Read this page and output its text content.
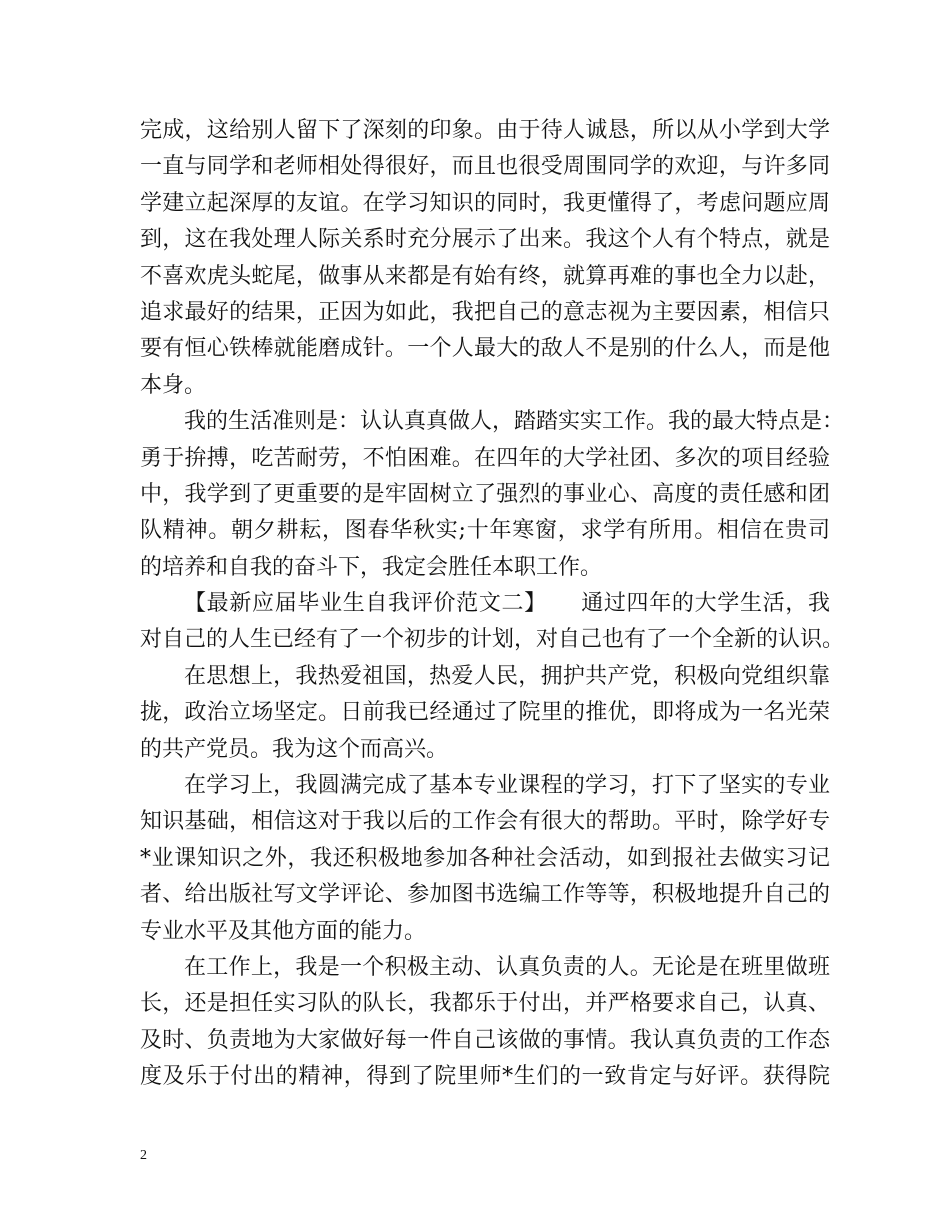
完成，这给别人留下了深刻的印象。由于待人诚恳，所以从小学到大学
一直与同学和老师相处得很好，而且也很受周围同学的欢迎，与许多同
学建立起深厚的友谊。在学习知识的同时，我更懂得了，考虑问题应周
到，这在我处理人际关系时充分展示了出来。我这个人有个特点，就是
不喜欢虎头蛇尾，做事从来都是有始有终，就算再难的事也全力以赴，
追求最好的结果，正因为如此，我把自己的意志视为主要因素，相信只
要有恒心铁棒就能磨成针。一个人最大的敌人不是别的什么人，而是他
本身。
我的生活准则是：认认真真做人，踏踏实实工作。我的最大特点是：
勇于拚搏，吃苦耐劳，不怕困难。在四年的大学社团、多次的项目经验
中，我学到了更重要的是牢固树立了强烈的事业心、高度的责任感和团
队精神。朝夕耕耘，图春华秋实;十年寒窗，求学有所用。相信在贵司
的培养和自我的奋斗下，我定会胜任本职工作。
【最新应届毕业生自我评价范文二】　　通过四年的大学生活，我
对自己的人生已经有了一个初步的计划，对自己也有了一个全新的认识。
在思想上，我热爱祖国，热爱人民，拥护共产党，积极向党组织靠
拢，政治立场坚定。日前我已经通过了院里的推优，即将成为一名光荣
的共产党员。我为这个而高兴。
在学习上，我圆满完成了基本专业课程的学习，打下了坚实的专业
知识基础，相信这对于我以后的工作会有很大的帮助。平时，除学好专
*业课知识之外，我还积极地参加各种社会活动，如到报社去做实习记
者、给出版社写文学评论、参加图书选编工作等等，积极地提升自己的
专业水平及其他方面的能力。
在工作上，我是一个积极主动、认真负责的人。无论是在班里做班
长，还是担任实习队的队长，我都乐于付出，并严格要求自己，认真、
及时、负责地为大家做好每一件自己该做的事情。我认真负责的工作态
度及乐于付出的精神，得到了院里师*生们的一致肯定与好评。获得院
2
